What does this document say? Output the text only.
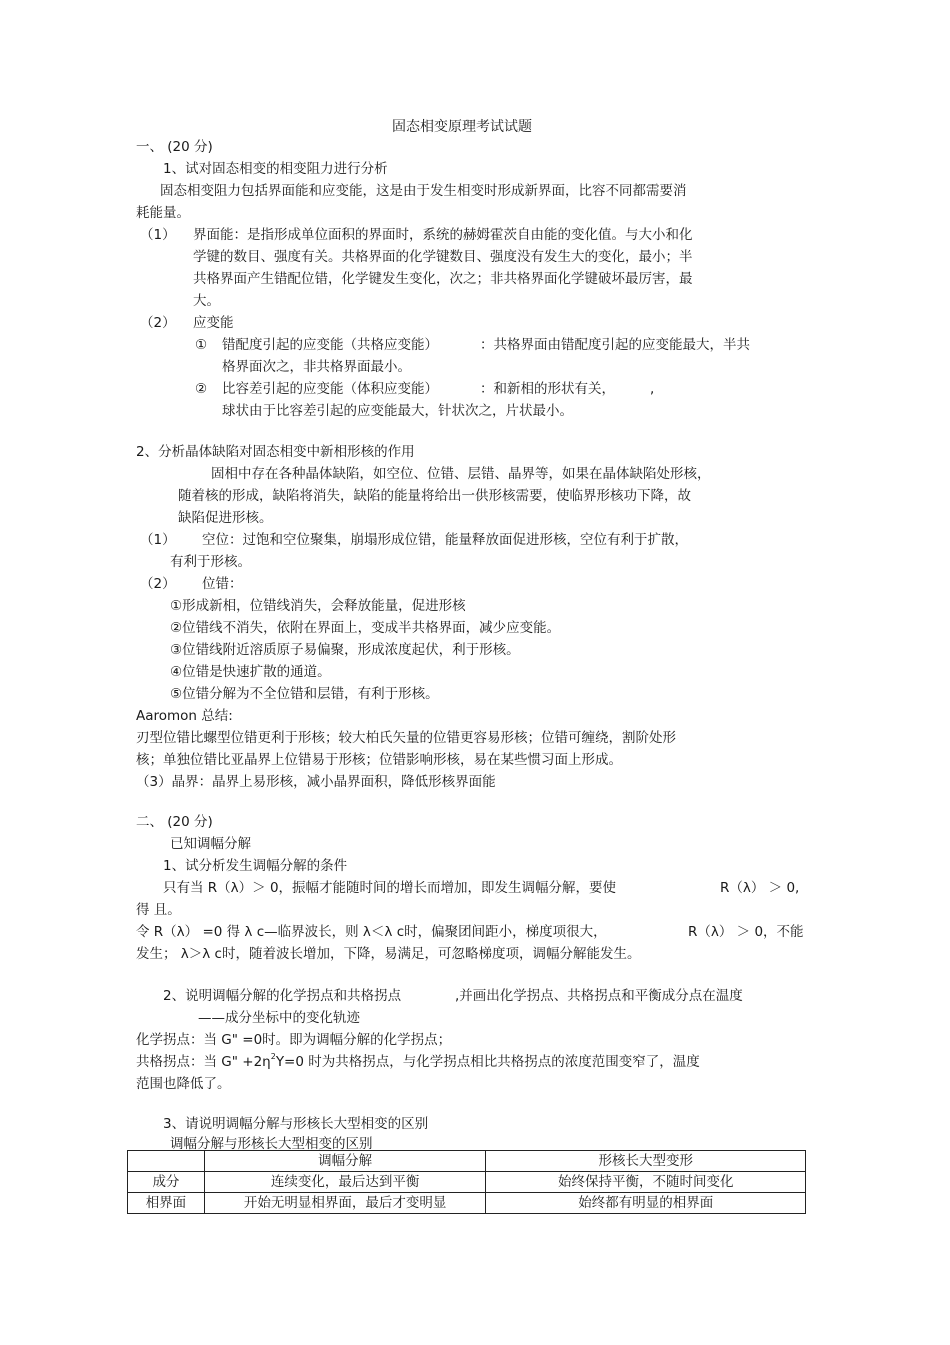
固态相变原理考试试题
一、 (20 分)
1、试对固态相变的相变阻力进行分析
固态相变阻力包括界面能和应变能，这是由于发生相变时形成新界面，比容不同都需要消
耗能量。
（1） 界面能：是指形成单位面积的界面时，系统的赫姆霍茨自由能的变化值。与大小和化
学键的数目、强度有关。共格界面的化学键数目、强度没有发生大的变化，最小；半
共格界面产生错配位错，化学键发生变化，次之；非共格界面化学键破坏最厉害，最
大。
（2） 应变能
① 错配度引起的应变能（共格应变能）	：共格界面由错配度引起的应变能最大，半共
格界面次之，非共格界面最小。
② 比容差引起的应变能（体积应变能）	：和新相的形状有关，	,
球状由于比容差引起的应变能最大，针状次之，片状最小。
2、分析晶体缺陷对固态相变中新相形核的作用
固相中存在各种晶体缺陷，如空位、位错、层错、晶界等，如果在晶体缺陷处形核，
随着核的形成，缺陷将消失，缺陷的能量将给出一供形核需要，使临界形核功下降，故
缺陷促进形核。
（1） 空位：过饱和空位聚集，崩塌形成位错，能量释放面促进形核，空位有利于扩散，
有利于形核。
（2） 位错：
①形成新相，位错线消失，会释放能量，促进形核
②位错线不消失，依附在界面上，变成半共格界面，减少应变能。
③位错线附近溶质原子易偏聚，形成浓度起伏，利于形核。
④位错是快速扩散的通道。
⑤位错分解为不全位错和层错，有利于形核。
Aaromon 总结:
刃型位错比螺型位错更利于形核；较大柏氏矢量的位错更容易形核；位错可缠绕，割阶处形
核；单独位错比亚晶界上位错易于形核；位错影响形核，易在某些惯习面上形成。
（3）晶界：晶界上易形核，减小晶界面积，降低形核界面能
二、 (20 分)
已知调幅分解
1、试分析发生调幅分解的条件
只有当 R（λ）＞ 0，振幅才能随时间的增长而增加，即发生调幅分解，要使	R（λ） ＞ 0,
得 且。
令 R（λ） =0 得 λ c—临界波长，则 λ＜λ c时，偏聚团间距小，梯度项很大，	R（λ） ＞ 0，不能
发生； λ＞λ c时，随着波长增加，下降，易满足，可忽略梯度项，调幅分解能发生。
2、说明调幅分解的化学拐点和共格拐点	,并画出化学拐点、共格拐点和平衡成分点在温度
——成分坐标中的变化轨迹
化学拐点：当 G" =0时。即为调幅分解的化学拐点；
共格拐点：当 G" $+2\eta^2Y=0$ 时为共格拐点，与化学拐点相比共格拐点的浓度范围变窄了，温度
范围也降低了。
3、请说明调幅分解与形核长大型相变的区别
调幅分解与形核长大型相变的区别
	调幅分解	形核长大型变形
成分	连续变化，最后达到平衡	始终保持平衡，不随时间变化
相界面	开始无明显相界面，最后才变明显	始终都有明显的相界面
